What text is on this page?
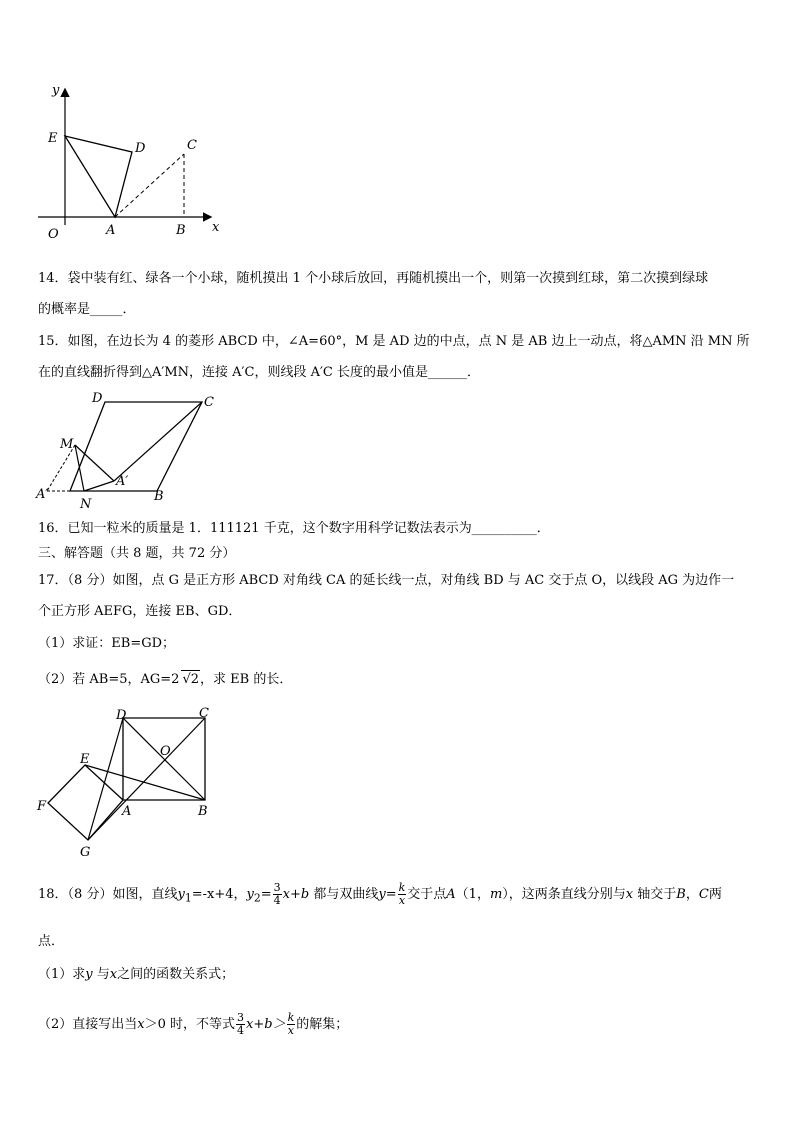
y
x
E
D	C
O	A	B
14．袋中装有红、绿各一个小球，随机摸出 1 个小球后放回，再随机摸出一个，则第一次摸到红球，第二次摸到绿球
的概率是_____．
15．如图，在边长为 4 的菱形 ABCD 中，∠A=60°，M 是 AD 边的中点，点 N 是 AB 边上一动点，将△AMN 沿 MN 所
在的直线翻折得到△A′MN，连接 A′C，则线段 A′C 长度的最小值是______．
D	C
M
A′
A′
N
B
16．已知一粒米的质量是 1．111121 千克，这个数字用科学记数法表示为__________．
三、解答题（共 8 题，共 72 分）
17．（8 分）如图，点 G 是正方形 ABCD 对角线 CA 的延长线一点，对角线 BD 与 AC 交于点 O，以线段 AG 为边作一
个正方形 AEFG，连接 EB、GD．
（1）求证：EB=GD；
（2）若 AB=5，AG=2 √2，求 EB 的长．
D	C
O
E
F	A	B
G
18．（8 分）如图，直线$y_1=-x+4$，$y_2= \frac{3}{4} x+b$ 都与双曲线$y= \frac{k}{x}$ 交于点A（1，m），这两条直线分别与x 轴交于B，C两
点．
（1）求y 与x之间的函数关系式；
（2）直接写出当x＞0 时，不等式 $\frac{3}{4} x+b> \frac{k}{x}$ 的解集；
